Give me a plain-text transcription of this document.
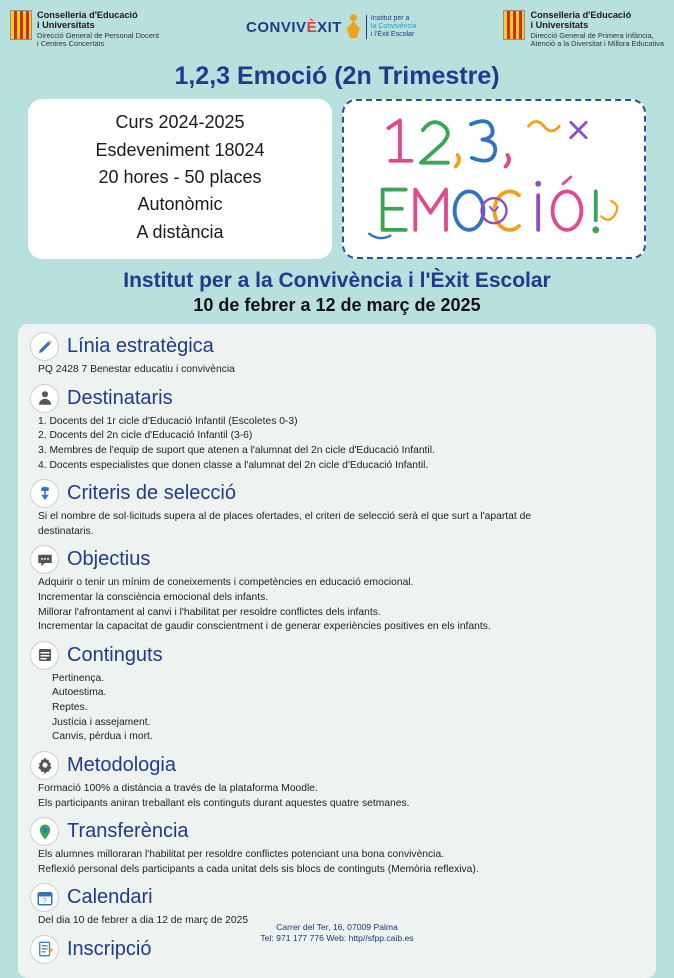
Conselleria d'Educació
i Universitats
Direcció General de Personal Docent
i Centres Concertats
CONVIVÈXIT
Institut per a
la Convivència
i l'Èxit Escolar
Conselleria d'Educació
i Universitats
Direcció General de Primera Infància,
Atenció a la Diversitat i Millora Educativa
1,2,3 Emoció (2n Trimestre)
Curs 2024-2025
Esdeveniment 18024
20 hores - 50 places
Autonòmic
A distància
Institut per a la Convivència i l'Èxit Escolar
10 de febrer a 12 de març de 2025
Línia estratègica

PQ 2428 7 Benestar educatiu i convivència

Destinataris

1. Docents del 1r cicle d'Educació Infantil (Escoletes 0-3)

2. Docents del 2n cicle d'Educació Infantil (3-6)

3. Membres de l'equip de suport que atenen a l'alumnat del 2n cicle d'Educació Infantil.

4. Docents especialistes que donen classe a l'alumnat del 2n cicle d'Educació Infantil.

Criteris de selecció

Si el nombre de sol·licituds supera al de places ofertades, el criteri de selecció serà el que surt a l'apartat de

destinataris.

Objectius

Adquirir o tenir un mínim de coneixements i competències en educació emocional.

Incrementar la consciència emocional dels infants.

Millorar l'afrontament al canvi i l'habilitat per resoldre conflictes dels infants.

Incrementar la capacitat de gaudir conscientment i de generar experiències positives en els infants.

Continguts

Pertinença.

Autoestima.

Reptes.

Justícia i assejament.

Canvis, pèrdua i mort.

Metodologia

Formació 100% a distància a través de la plataforma Moodle.

Els participants aniran treballant els continguts durant aquestes quatre setmanes.

Transferència

Els alumnes milloraran l'habilitat per resoldre conflictes potenciant una bona convivència.

Reflexió personal dels participants a cada unitat dels sis blocs de continguts (Memòria reflexiva).

7 Calendari

Del dia 10 de febrer a dia 12 de març de 2025

Inscripció
Carrer del Ter, 16, 07009 Palma
Tel: 971 177 776 Web: http//sfpp.caib.es
